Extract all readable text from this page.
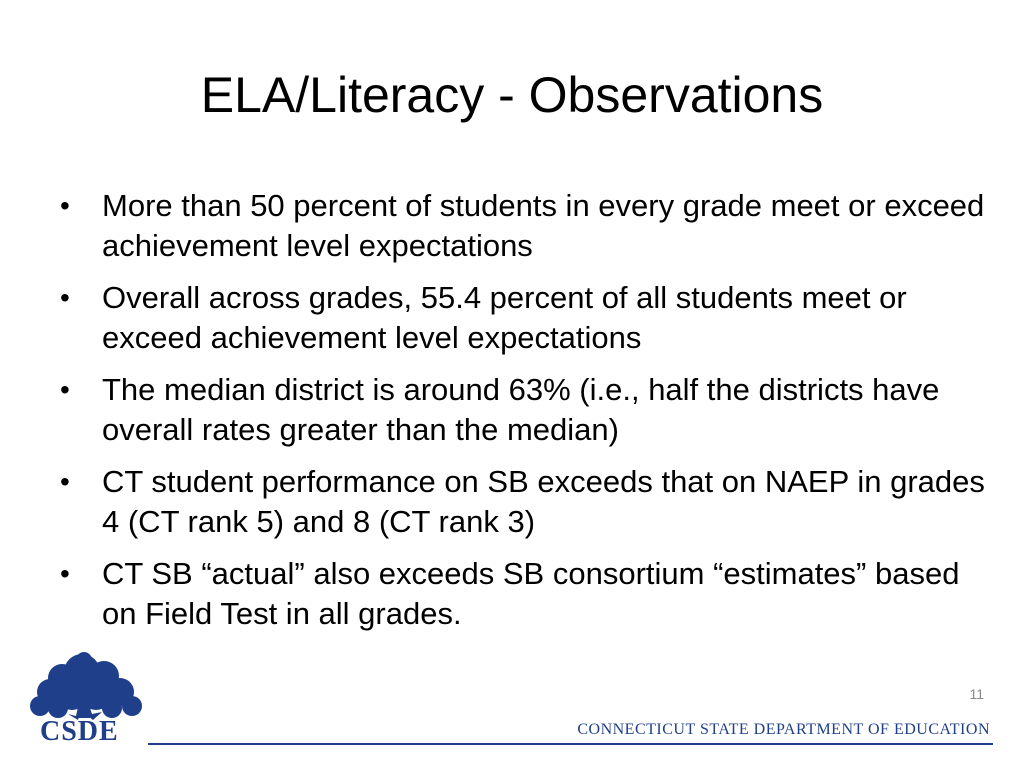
ELA/Literacy - Observations
• More than 50 percent of students in every grade meet or exceed achievement level expectations
• Overall across grades, 55.4 percent of all students meet or exceed achievement level expectations
• The median district is around 63% (i.e., half the districts have overall rates greater than the median)
• CT student performance on SB exceeds that on NAEP in grades 4 (CT rank 5) and 8 (CT rank 3)
• CT SB “actual” also exceeds SB consortium “estimates” based on Field Test in all grades.
11
CSDE	CONNECTICUT STATE DEPARTMENT OF EDUCATION
